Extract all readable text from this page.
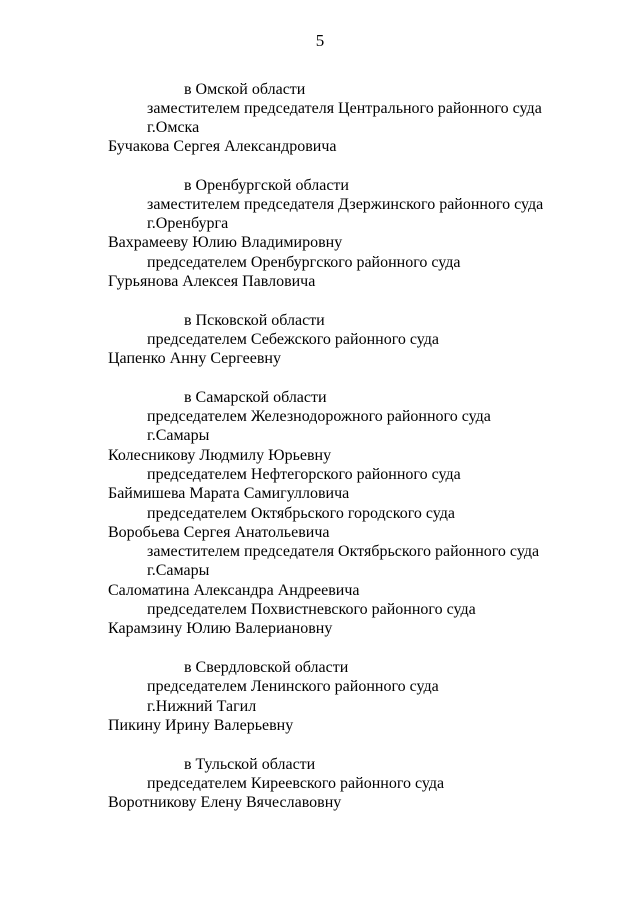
5
в Омской области
заместителем председателя Центрального районного суда
г.Омска
Бучакова Сергея Александровича
в Оренбургской области
заместителем председателя Дзержинского районного суда
г.Оренбурга
Вахрамееву Юлию Владимировну
председателем Оренбургского районного суда
Гурьянова Алексея Павловича
в Псковской области
председателем Себежского районного суда
Цапенко Анну Сергеевну
в Самарской области
председателем Железнодорожного районного суда
г.Самары
Колесникову Людмилу Юрьевну
председателем Нефтегорского районного суда
Баймишева Марата Самигулловича
председателем Октябрьского городского суда
Воробьева Сергея Анатольевича
заместителем председателя Октябрьского районного суда
г.Самары
Саломатина Александра Андреевича
председателем Похвистневского районного суда
Карамзину Юлию Валериановну
в Свердловской области
председателем Ленинского районного суда
г.Нижний Тагил
Пикину Ирину Валерьевну
в Тульской области
председателем Киреевского районного суда
Воротникову Елену Вячеславовну
